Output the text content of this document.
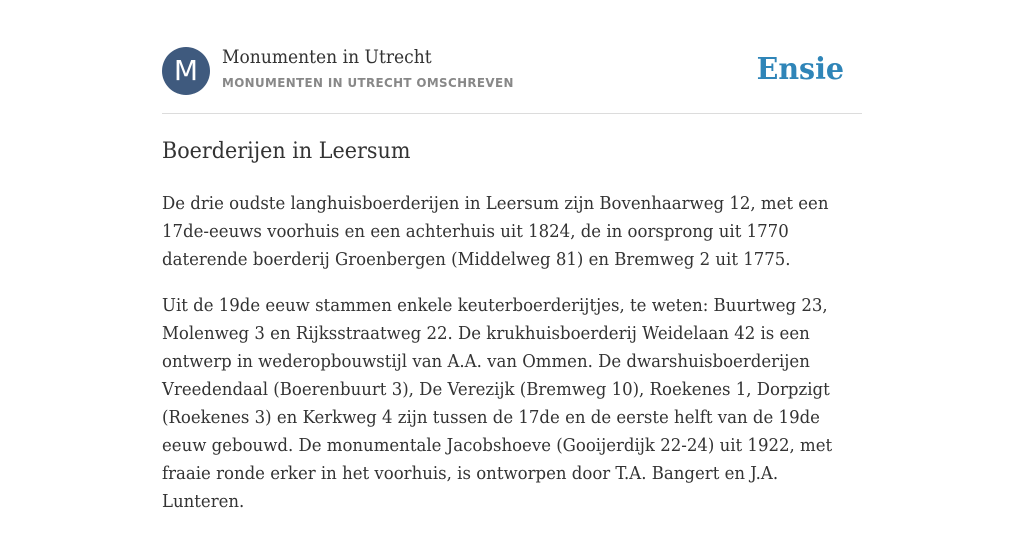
M	Monumenten in Utrecht
MONUMENTEN IN UTRECHT OMSCHREVEN	Ensie
Boerderijen in Leersum

De drie oudste langhuisboerderijen in Leersum zijn Bovenhaarweg 12, met een 17de-eeuws voorhuis en een achterhuis uit 1824, de in oorsprong uit 1770 daterende boerderij Groenbergen (Middelweg 81) en Bremweg 2 uit 1775.

Uit de 19de eeuw stammen enkele keuterboerderijtjes, te weten: Buurtweg 23, Molenweg 3 en Rijksstraatweg 22. De krukhuisboerderij Weidelaan 42 is een ontwerp in wederopbouwstijl van A.A. van Ommen. De dwarshuisboerderijen Vreedendaal (Boerenbuurt 3), De Verezijk (Bremweg 10), Roekenes 1, Dorpzigt (Roekenes 3) en Kerkweg 4 zijn tussen de 17de en de eerste helft van de 19de eeuw gebouwd. De monumentale Jacobshoeve (Gooijerdijk 22-24) uit 1922, met fraaie ronde erker in het voorhuis, is ontworpen door T.A. Bangert en J.A. Lunteren.
